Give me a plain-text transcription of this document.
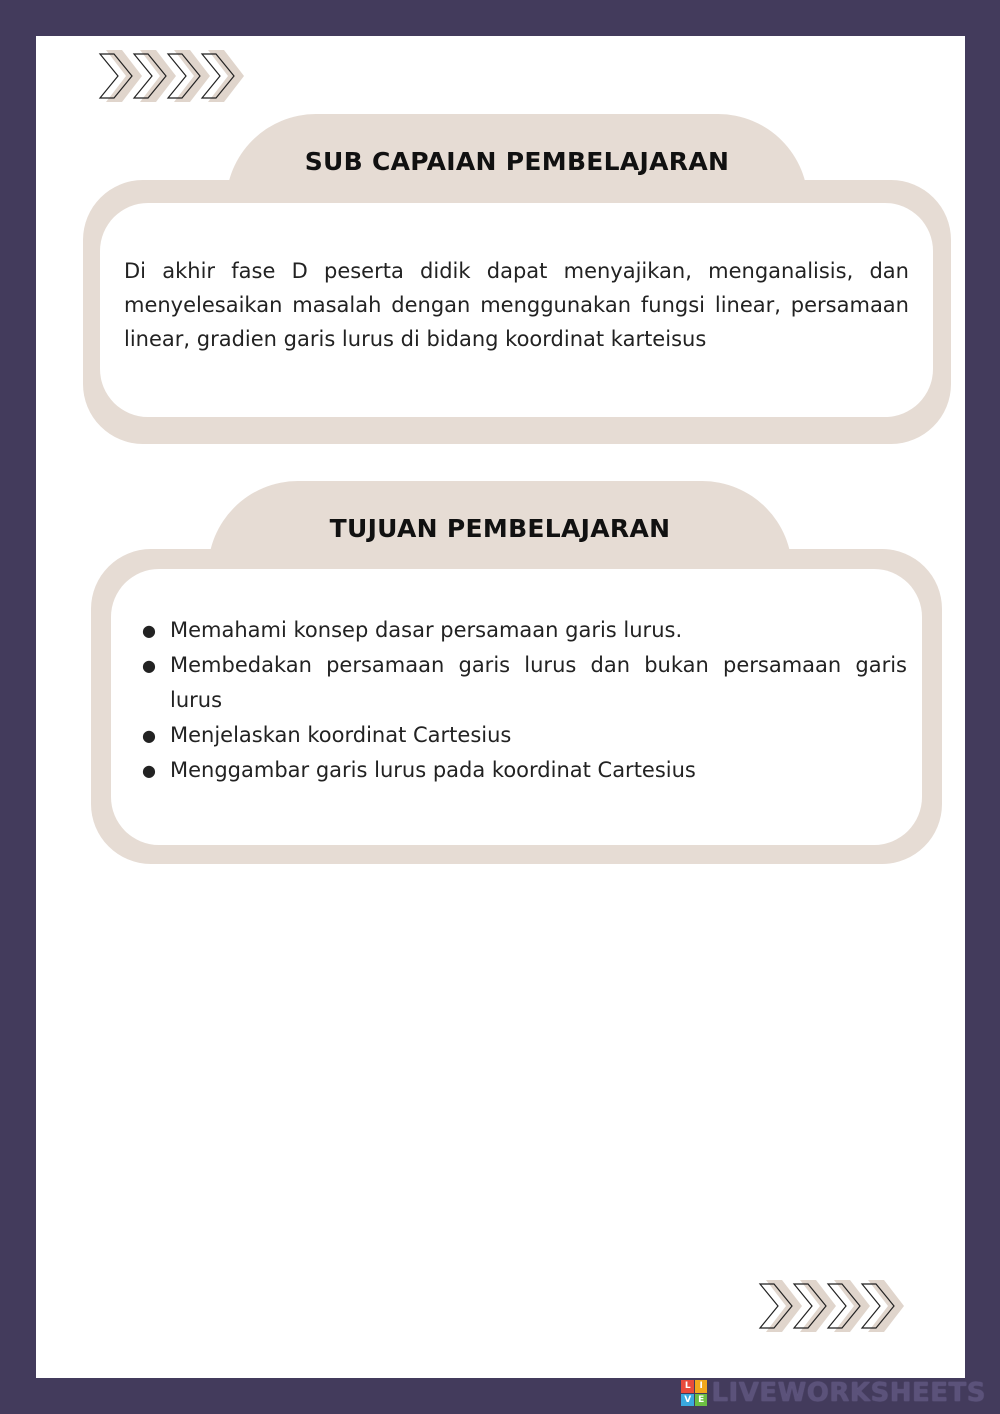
SUB CAPAIAN PEMBELAJARAN

Di akhir fase D peserta didik dapat menyajikan, menganalisis, dan menyelesaikan masalah dengan menggunakan fungsi linear, persamaan linear, gradien garis lurus di bidang koordinat karteisus

TUJUAN PEMBELAJARAN
● Memahami konsep dasar persamaan garis lurus.
● Membedakan persamaan garis lurus dan bukan persamaan garis lurus
● Menjelaskan koordinat Cartesius
● Menggambar garis lurus pada koordinat Cartesius
L I
V E LIVEWORKSHEETS
